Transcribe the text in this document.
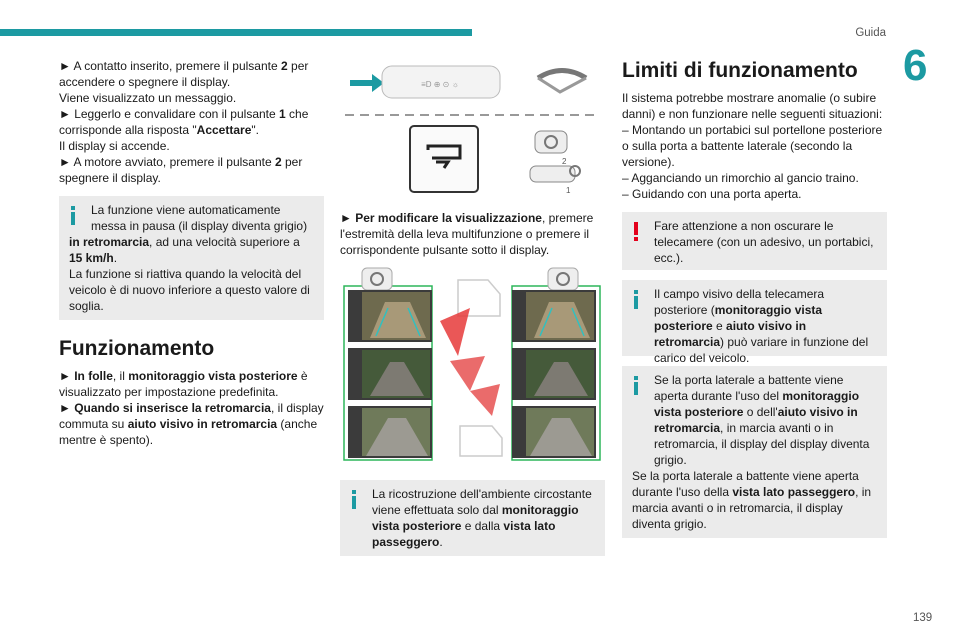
Guida
6

► A contatto inserito, premere il pulsante 2 per accendere o spegnere il display.

Viene visualizzato un messaggio.

► Leggerlo e convalidare con il pulsante 1 che corrisponde alla risposta "Accettare".

Il display si accende.

► A motore avviato, premere il pulsante 2 per spegnere il display.

La funzione viene automaticamente messa in pausa (il display diventa grigio)

in retromarcia, ad una velocità superiore a

15 km/h.

La funzione si riattiva quando la velocità del veicolo è di nuovo inferiore a questo valore di soglia.

Funzionamento

► In folle, il monitoraggio vista posteriore è visualizzato per impostazione predefinita.

► Quando si inserisce la retromarcia, il display commuta su aiuto visivo in retromarcia (anche mentre è spento).

≡D ⊕ ⊙ ☼
2
1

► Per modificare la visualizzazione, premere l'estremità della leva multifunzione o premere il corrispondente pulsante sotto il display.

La ricostruzione dell'ambiente circostante viene effettuata solo dal monitoraggio vista posteriore e dalla vista lato passeggero.

Limiti di funzionamento

Il sistema potrebbe mostrare anomalie (o subire danni) e non funzionare nelle seguenti situazioni:

– Montando un portabici sul portellone posteriore o sulla porta a battente laterale (secondo la versione).

– Agganciando un rimorchio al gancio traino.

– Guidando con una porta aperta.

Fare attenzione a non oscurare le telecamere (con un adesivo, un portabici, ecc.).

Il campo visivo della telecamera posteriore (monitoraggio vista posteriore e aiuto visivo in retromarcia) può variare in funzione del carico del veicolo.

Se la porta laterale a battente viene aperta durante l'uso del monitoraggio vista posteriore o dell'aiuto visivo in retromarcia, in marcia avanti o in retromarcia, il display del display diventa grigio.

Se la porta laterale a battente viene aperta durante l'uso della vista lato passeggero, in marcia avanti o in retromarcia, il display diventa grigio.

139
